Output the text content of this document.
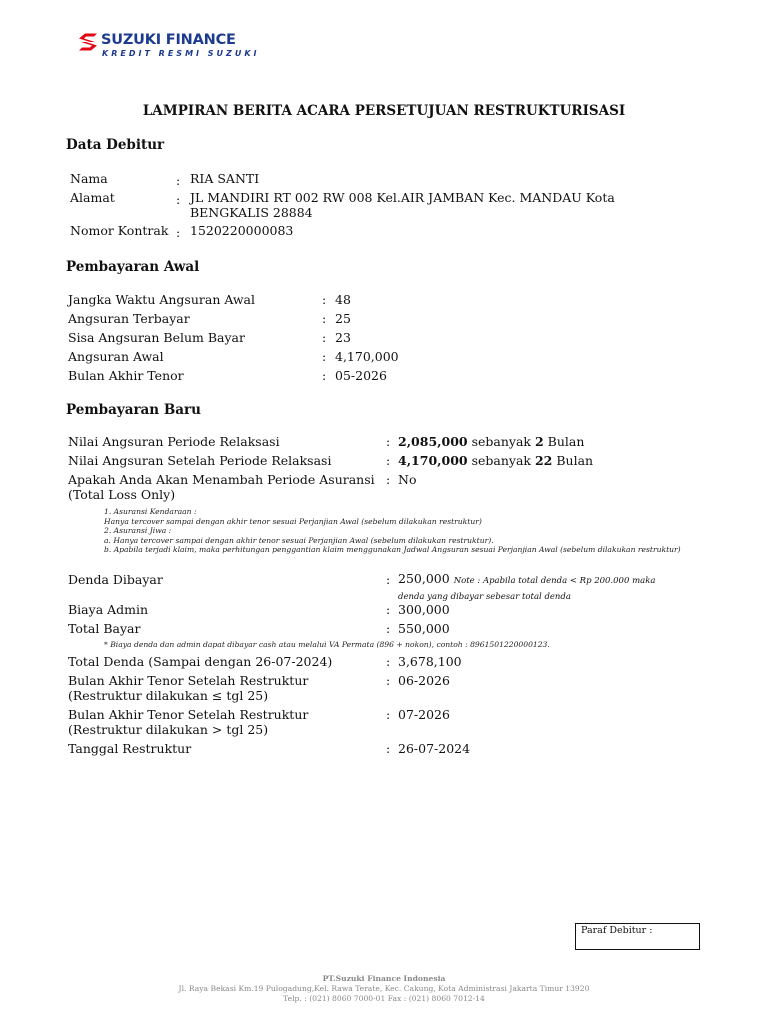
SUZUKI FINANCE
KREDIT RESMI SUZUKI
LAMPIRAN BERITA ACARA PERSETUJUAN RESTRUKTURISASI
Data Debitur
Nama	: RIA SANTI
Alamat	: JL MANDIRI RT 002 RW 008 Kel.AIR JAMBAN Kec. MANDAU Kota BENGKALIS 28884
Nomor Kontrak : 1520220000083
Pembayaran Awal
Jangka Waktu Angsuran Awal	: 48
Angsuran Terbayar	: 25
Sisa Angsuran Belum Bayar	: 23
Angsuran Awal	: 4,170,000
Bulan Akhir Tenor	: 05-2026
Pembayaran Baru
Nilai Angsuran Periode Relaksasi	: 2,085,000 sebanyak 2 Bulan
Nilai Angsuran Setelah Periode Relaksasi	: 4,170,000 sebanyak 22 Bulan
Apakah Anda Akan Menambah Periode Asuransi (Total Loss Only)
: No
1. Asuransi Kendaraan :
Hanya tercover sampai dengan akhir tenor sesuai Perjanjian Awal (sebelum dilakukan restruktur)
2. Asuransi Jiwa :
a. Hanya tercover sampai dengan akhir tenor sesuai Perjanjian Awal (sebelum dilakukan restruktur).
b. Apabila terjadi klaim, maka perhitungan penggantian klaim menggunakan Jadwal Angsuran sesuai Perjanjian Awal (sebelum dilakukan restruktur)
Denda Dibayar	: 250,000 Note : Apabila total denda < Rp 200.000 maka denda yang dibayar sebesar total denda
Biaya Admin	: 300,000
Total Bayar	: 550,000
* Biaya denda dan admin dapat dibayar cash atau melalui VA Permata (896 + nokon), contoh : 8961501220000123.
Total Denda (Sampai dengan 26-07-2024)	: 3,678,100
Bulan Akhir Tenor Setelah Restruktur (Restruktur dilakukan ≤ tgl 25)
: 06-2026
Bulan Akhir Tenor Setelah Restruktur (Restruktur dilakukan > tgl 25)
: 07-2026
Tanggal Restruktur	: 26-07-2024
Paraf Debitur :
PT.Suzuki Finance Indonesia
Jl. Raya Bekasi Km.19 Pulogadung,Kel. Rawa Terate, Kec. Cakung, Kota Administrasi Jakarta Timur 13920
Telp. : (021) 8060 7000-01 Fax : (021) 8060 7012-14
